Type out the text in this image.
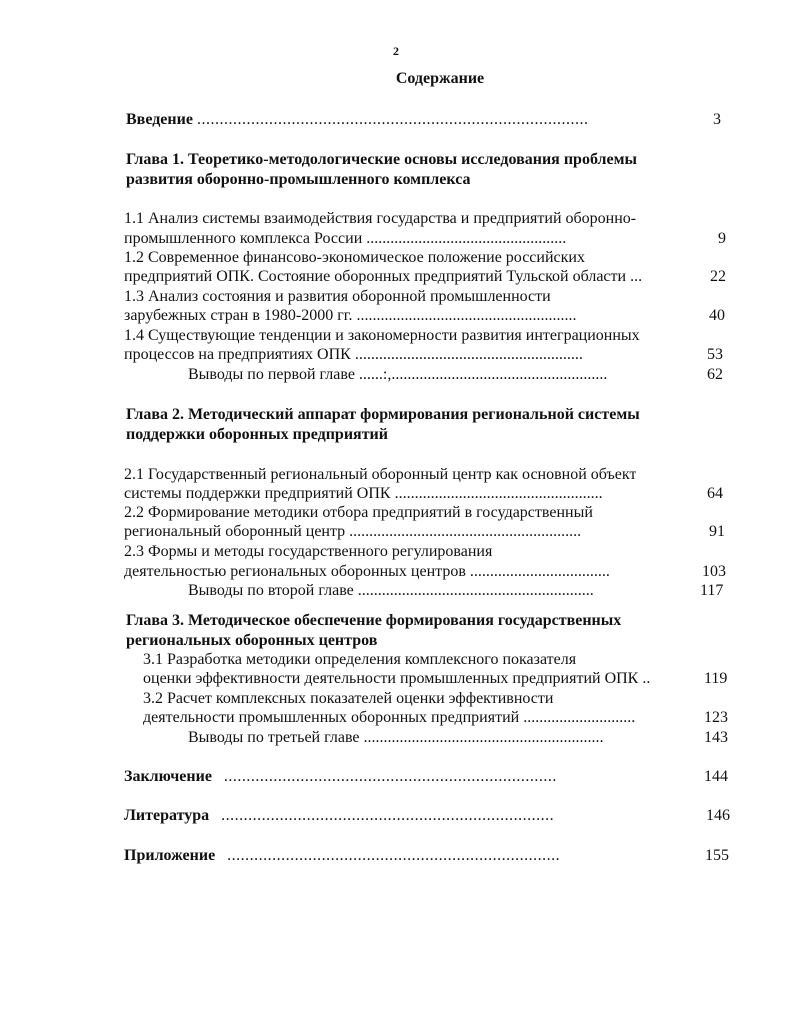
2
Содержание
Введение .......................................................................................	3
Глава 1. Теоретико-методологические основы исследования проблемы
развития оборонно-промышленного комплекса
1.1 Анализ системы взаимодействия государства и предприятий оборонно-
промышленного комплекса России ..................................................	9
1.2 Современное финансово-экономическое положение российских
предприятий ОПК. Состояние оборонных предприятий Тульской области ...	22
1.3 Анализ состояния и развития оборонной промышленности
зарубежных стран в 1980-2000 гг. .......................................................	40
1.4 Существующие тенденции и закономерности развития интеграционных
процессов на предприятиях ОПК .........................................................	53
Выводы по первой главе ......:,......................................................	62
Глава 2. Методический аппарат формирования региональной системы
поддержки оборонных предприятий
2.1 Государственный региональный оборонный центр как основной объект
системы поддержки предприятий ОПК ....................................................	64
2.2 Формирование методики отбора предприятий в государственный
региональный оборонный центр ..........................................................	91
2.3 Формы и методы государственного регулирования
деятельностью региональных оборонных центров ...................................	103
Выводы по второй главе ...........................................................	117
Глава 3. Методическое обеспечение формирования государственных
региональных оборонных центров
3.1 Разработка методики определения комплексного показателя
оценки эффективности деятельности промышленных предприятий ОПК ..	119
3.2 Расчет комплексных показателей оценки эффективности
деятельности промышленных оборонных предприятий ............................	123
Выводы по третьей главе ............................................................	143
Заключение ..........................................................................	144
Литература ..........................................................................	146
Приложение ..........................................................................	155
